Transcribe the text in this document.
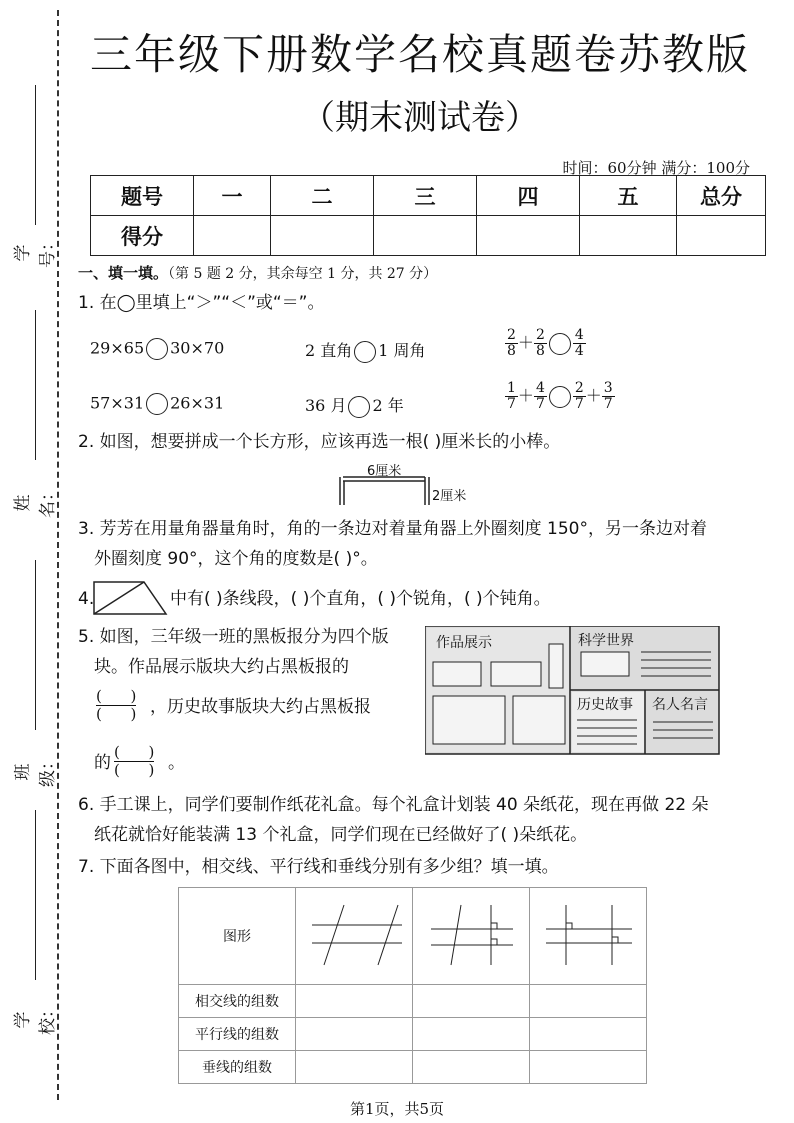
学号：
姓名：
班级：
学校：
三年级下册数学名校真题卷苏教版
（期末测试卷）
时间：60分钟 满分：100分
题号	一	二	三	四	五	总分
得分						
一、填一填。（第 5 题 2 分，其余每空 1 分，共 27 分）
1. 在◯里填上“＞”“＜”或“＝”。
29×65 30×70	2 直角 1 周角	$\frac{2}{8} + \frac{2}{8} \frac{4}{4}$
57×31 26×31	36 月 2 年	$\frac{1}{7} + \frac{4}{7} \frac{2}{7} + \frac{3}{7}$
2. 如图，想要拼成一个长方形，应该再选一根( )厘米长的小棒。
6厘米
2厘米
3. 芳芳在用量角器量角时，角的一条边对着量角器上外圈刻度 150°，另一条边对着
外圈刻度 90°，这个角的度数是( )°。
4.	中有( )条线段，( )个直角，( )个锐角，( )个钝角。
5. 如图，三年级一班的黑板报分为四个版
块。作品展示版块大约占黑板报的
$\frac{( )}{( )}$ ，历史故事版块大约占黑板报
的 $\frac{( )}{( )}$ 。
作品展示	科学世界
历史故事 名人名言
6. 手工课上，同学们要制作纸花礼盒。每个礼盒计划装 40 朵纸花，现在再做 22 朵
纸花就恰好能装满 13 个礼盒，同学们现在已经做好了( )朵纸花。
7. 下面各图中，相交线、平行线和垂线分别有多少组？填一填。
图形			
相交线的组数			
平行线的组数			
垂线的组数			
第1页，共5页
